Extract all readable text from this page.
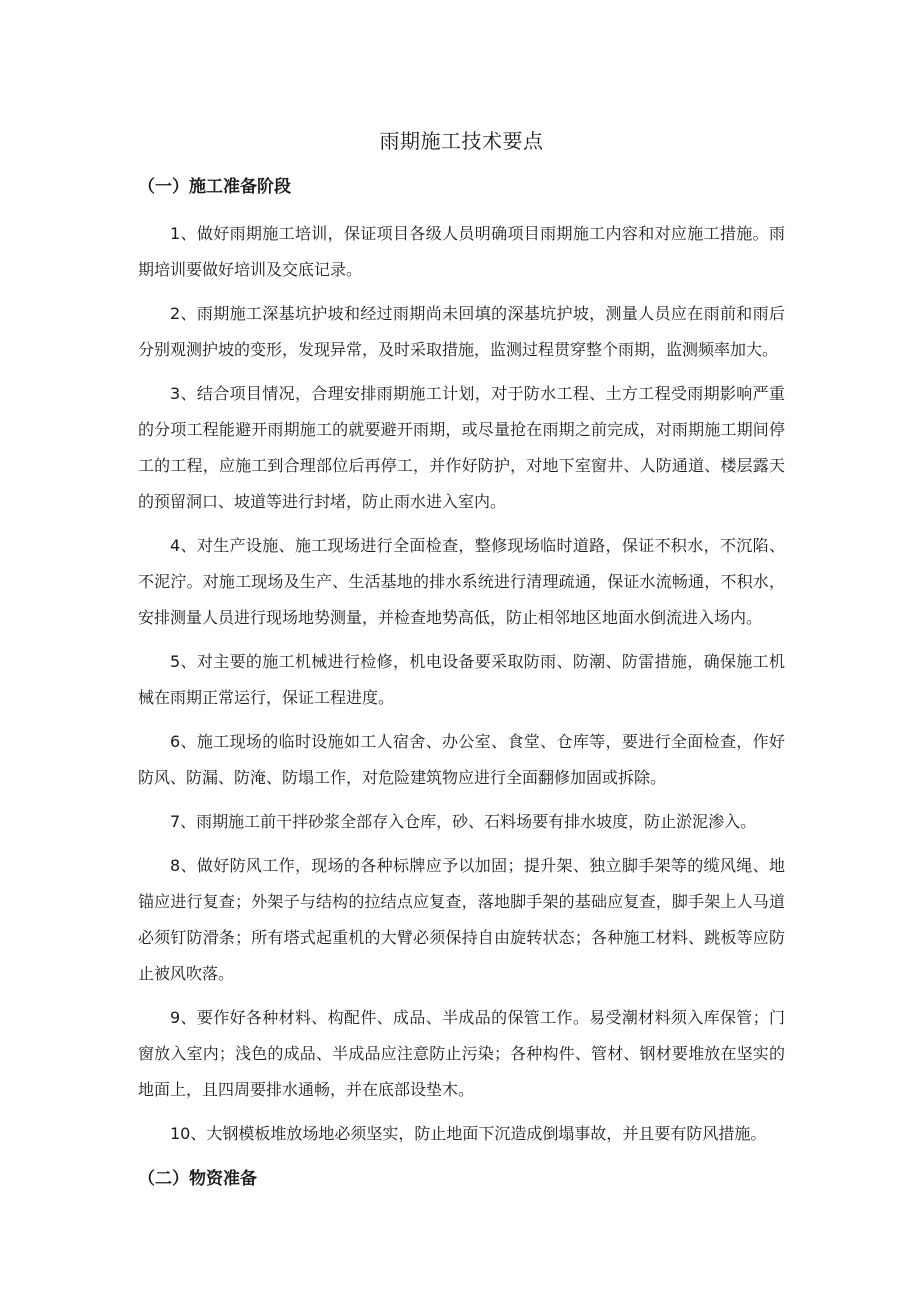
雨期施工技术要点
（一）施工准备阶段

1、做好雨期施工培训，保证项目各级人员明确项目雨期施工内容和对应施工措施。雨期培训要做好培训及交底记录。

2、雨期施工深基坑护坡和经过雨期尚未回填的深基坑护坡，测量人员应在雨前和雨后分别观测护坡的变形，发现异常，及时采取措施，监测过程贯穿整个雨期，监测频率加大。

3、结合项目情况，合理安排雨期施工计划，对于防水工程、土方工程受雨期影响严重的分项工程能避开雨期施工的就要避开雨期，或尽量抢在雨期之前完成，对雨期施工期间停工的工程，应施工到合理部位后再停工，并作好防护，对地下室窗井、人防通道、楼层露天的预留洞口、坡道等进行封堵，防止雨水进入室内。

4、对生产设施、施工现场进行全面检查，整修现场临时道路，保证不积水，不沉陷、不泥泞。对施工现场及生产、生活基地的排水系统进行清理疏通，保证水流畅通，不积水，安排测量人员进行现场地势测量，并检查地势高低，防止相邻地区地面水倒流进入场内。

5、对主要的施工机械进行检修，机电设备要采取防雨、防潮、防雷措施，确保施工机械在雨期正常运行，保证工程进度。

6、施工现场的临时设施如工人宿舍、办公室、食堂、仓库等，要进行全面检查，作好防风、防漏、防淹、防塌工作，对危险建筑物应进行全面翻修加固或拆除。

7、雨期施工前干拌砂浆全部存入仓库，砂、石料场要有排水坡度，防止淤泥渗入。

8、做好防风工作，现场的各种标牌应予以加固；提升架、独立脚手架等的缆风绳、地锚应进行复查；外架子与结构的拉结点应复查，落地脚手架的基础应复查，脚手架上人马道必须钉防滑条；所有塔式起重机的大臂必须保持自由旋转状态；各种施工材料、跳板等应防止被风吹落。

9、要作好各种材料、构配件、成品、半成品的保管工作。易受潮材料须入库保管；门窗放入室内；浅色的成品、半成品应注意防止污染；各种构件、管材、钢材要堆放在坚实的地面上，且四周要排水通畅，并在底部设垫木。

10、大钢模板堆放场地必须坚实，防止地面下沉造成倒塌事故，并且要有防风措施。

（二）物资准备
